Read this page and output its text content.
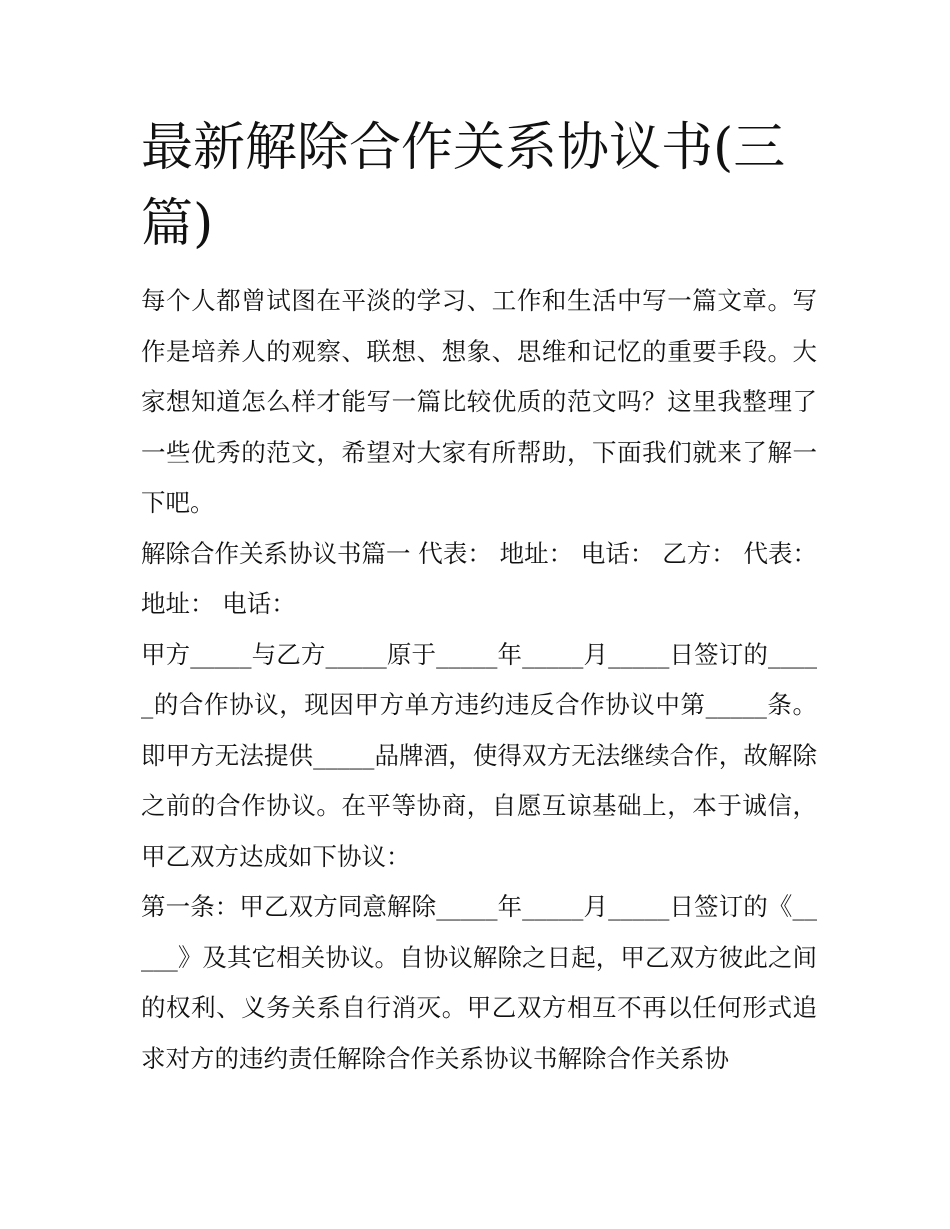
最新解除合作关系协议书(三篇)

每个人都曾试图在平淡的学习、工作和生活中写一篇文章。写作是培养人的观察、联想、想象、思维和记忆的重要手段。大家想知道怎么样才能写一篇比较优质的范文吗？这里我整理了一些优秀的范文，希望对大家有所帮助，下面我们就来了解一下吧。

解除合作关系协议书篇一 代表： 地址： 电话： 乙方： 代表： 地址： 电话：

甲方_____与乙方_____原于_____年_____月_____日签订的_____的合作协议，现因甲方单方违约违反合作协议中第_____条。即甲方无法提供_____品牌酒，使得双方无法继续合作，故解除之前的合作协议。在平等协商，自愿互谅基础上，本于诚信，甲乙双方达成如下协议：

第一条：甲乙双方同意解除_____年_____月_____日签订的《_____》及其它相关协议。自协议解除之日起，甲乙双方彼此之间的权利、义务关系自行消灭。甲乙双方相互不再以任何形式追求对方的违约责任解除合作关系协议书解除合作关系协
